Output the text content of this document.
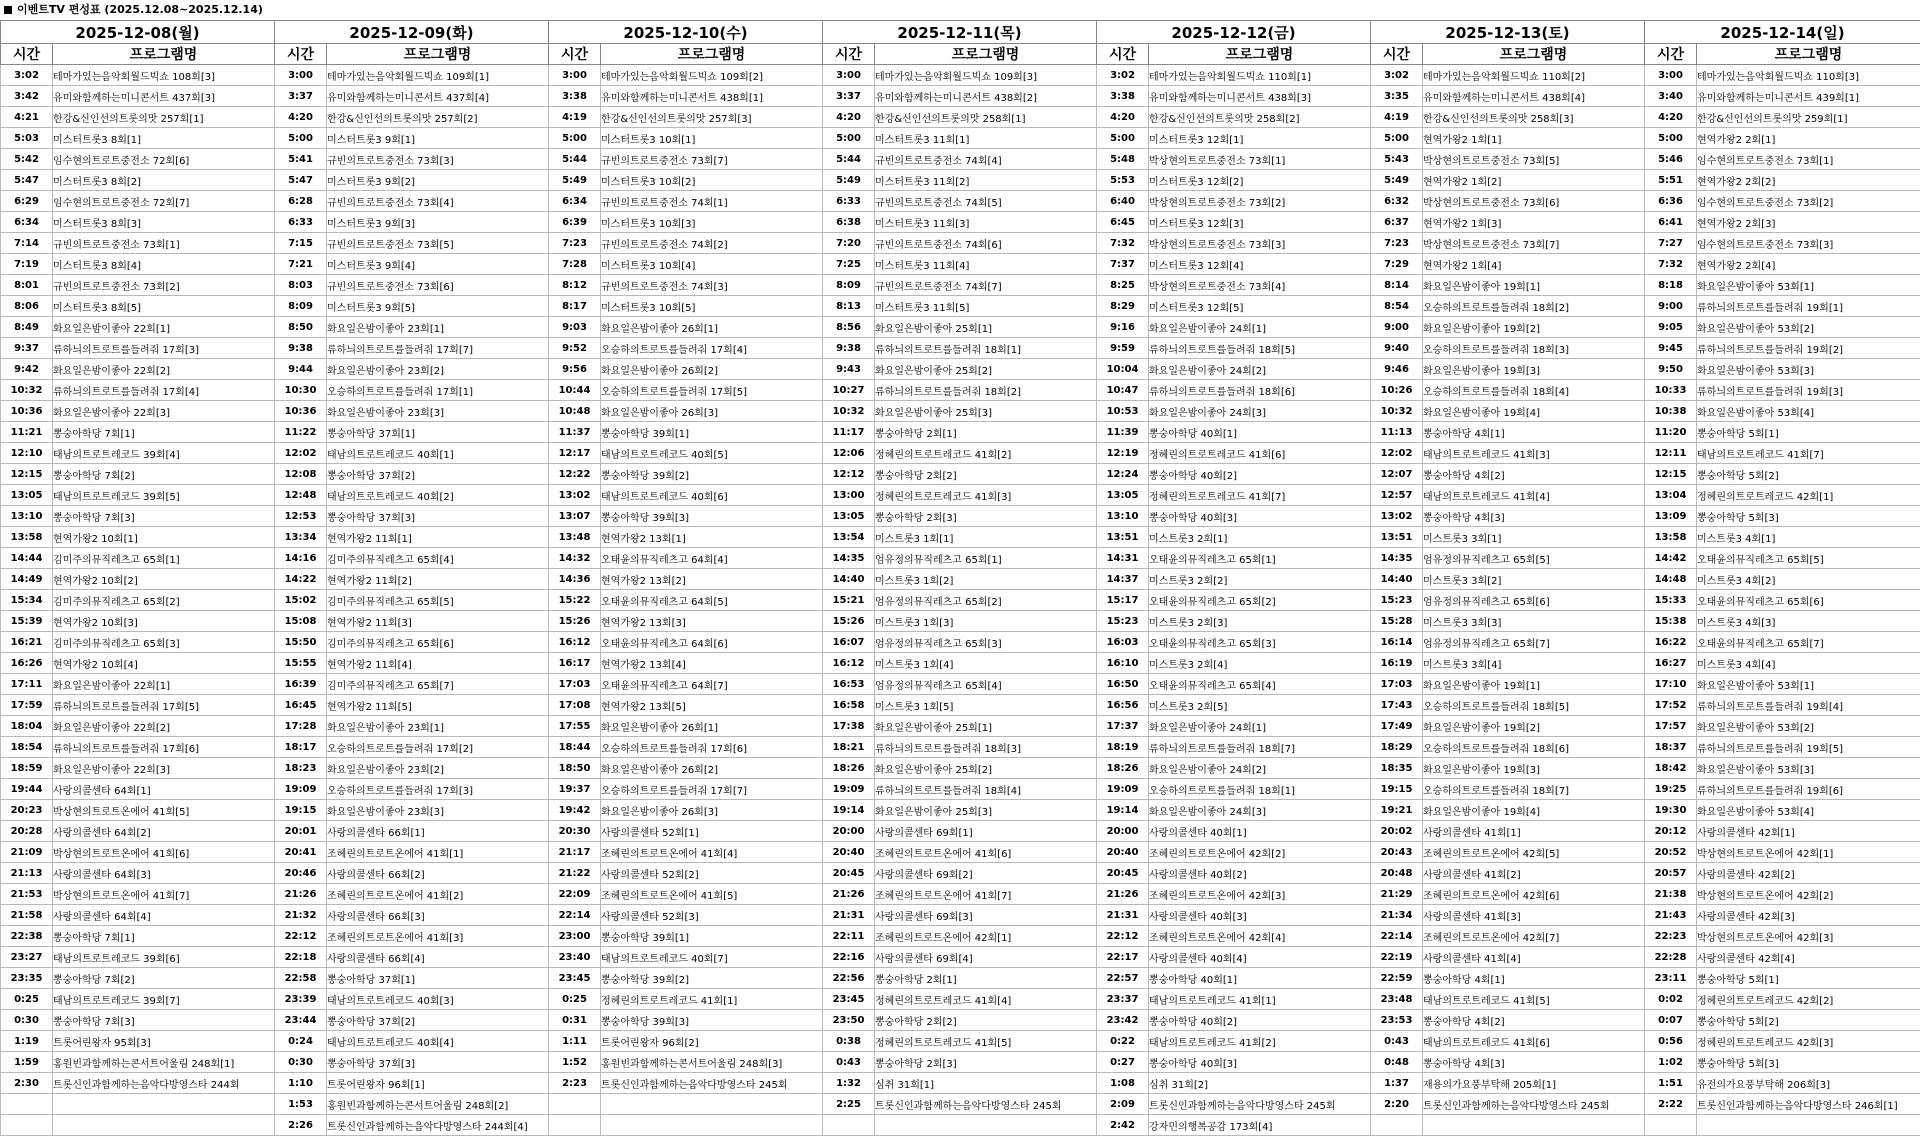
이벤트TV 편성표 (2025.12.08~2025.12.14)
2025-12-08(월)		2025-12-09(화)		2025-12-10(수)		2025-12-11(목)		2025-12-12(금)		2025-12-13(토)		2025-12-14(일)	
시간	프로그램명	시간	프로그램명	시간	프로그램명	시간	프로그램명	시간	프로그램명	시간	프로그램명	시간	프로그램명
3:02	테마가있는음악회월드빅쇼 108회[3]	3:00	테마가있는음악회월드빅쇼 109회[1]	3:00	테마가있는음악회월드빅쇼 109회[2]	3:00	테마가있는음악회월드빅쇼 109회[3]	3:02	테마가있는음악회월드빅쇼 110회[1]	3:02	테마가있는음악회월드빅쇼 110회[2]	3:00	테마가있는음악회월드빅쇼 110회[3]
3:42	유미와함께하는미니콘서트 437회[3]	3:37	유미와함께하는미니콘서트 437회[4]	3:38	유미와함께하는미니콘서트 438회[1]	3:37	유미와함께하는미니콘서트 438회[2]	3:38	유미와함께하는미니콘서트 438회[3]	3:35	유미와함께하는미니콘서트 438회[4]	3:40	유미와함께하는미니콘서트 439회[1]
4:21	한강&신인선의트롯의맛 257회[1]	4:20	한강&신인선의트롯의맛 257회[2]	4:19	한강&신인선의트롯의맛 257회[3]	4:20	한강&신인선의트롯의맛 258회[1]	4:20	한강&신인선의트롯의맛 258회[2]	4:19	한강&신인선의트롯의맛 258회[3]	4:20	한강&신인선의트롯의맛 259회[1]
5:03	미스터트롯3 8회[1]	5:00	미스터트롯3 9회[1]	5:00	미스터트롯3 10회[1]	5:00	미스터트롯3 11회[1]	5:00	미스터트롯3 12회[1]	5:00	현역가왕2 1회[1]	5:00	현역가왕2 2회[1]
5:42	임수현의트로트중전소 72회[6]	5:41	규빈의트로트중전소 73회[3]	5:44	규빈의트로트중전소 73회[7]	5:44	규빈의트로트중전소 74회[4]	5:48	박상현의트로트중전소 73회[1]	5:43	박상현의트로트중전소 73회[5]	5:46	임수현의트로트중전소 73회[1]
5:47	미스터트롯3 8회[2]	5:47	미스터트롯3 9회[2]	5:49	미스터트롯3 10회[2]	5:49	미스터트롯3 11회[2]	5:53	미스터트롯3 12회[2]	5:49	현역가왕2 1회[2]	5:51	현역가왕2 2회[2]
6:29	임수현의트로트중전소 72회[7]	6:28	규빈의트로트중전소 73회[4]	6:34	규빈의트로트중전소 74회[1]	6:33	규빈의트로트중전소 74회[5]	6:40	박상현의트로트중전소 73회[2]	6:32	박상현의트로트중전소 73회[6]	6:36	임수현의트로트중전소 73회[2]
6:34	미스터트롯3 8회[3]	6:33	미스터트롯3 9회[3]	6:39	미스터트롯3 10회[3]	6:38	미스터트롯3 11회[3]	6:45	미스터트롯3 12회[3]	6:37	현역가왕2 1회[3]	6:41	현역가왕2 2회[3]
7:14	규빈의트로트중전소 73회[1]	7:15	규빈의트로트중전소 73회[5]	7:23	규빈의트로트중전소 74회[2]	7:20	규빈의트로트중전소 74회[6]	7:32	박상현의트로트중전소 73회[3]	7:23	박상현의트로트중전소 73회[7]	7:27	임수현의트로트중전소 73회[3]
7:19	미스터트롯3 8회[4]	7:21	미스터트롯3 9회[4]	7:28	미스터트롯3 10회[4]	7:25	미스터트롯3 11회[4]	7:37	미스터트롯3 12회[4]	7:29	현역가왕2 1회[4]	7:32	현역가왕2 2회[4]
8:01	규빈의트로트중전소 73회[2]	8:03	규빈의트로트중전소 73회[6]	8:12	규빈의트로트중전소 74회[3]	8:09	규빈의트로트중전소 74회[7]	8:25	박상현의트로트중전소 73회[4]	8:14	화요일은밤이좋아 19회[1]	8:18	화요일은밤이좋아 53회[1]
8:06	미스터트롯3 8회[5]	8:09	미스터트롯3 9회[5]	8:17	미스터트롯3 10회[5]	8:13	미스터트롯3 11회[5]	8:29	미스터트롯3 12회[5]	8:54	오승하의트로트를들려줘 18회[2]	9:00	류하늬의트로트를들려줘 19회[1]
8:49	화요일은밤이좋아 22회[1]	8:50	화요일은밤이좋아 23회[1]	9:03	화요일은밤이좋아 26회[1]	8:56	화요일은밤이좋아 25회[1]	9:16	화요일은밤이좋아 24회[1]	9:00	화요일은밤이좋아 19회[2]	9:05	화요일은밤이좋아 53회[2]
9:37	류하늬의트로트를들려줘 17회[3]	9:38	류하늬의트로트를들려줘 17회[7]	9:52	오승하의트로트를들려줘 17회[4]	9:38	류하늬의트로트를들려줘 18회[1]	9:59	류하늬의트로트를들려줘 18회[5]	9:40	오승하의트로트를들려줘 18회[3]	9:45	류하늬의트로트를들려줘 19회[2]
9:42	화요일은밤이좋아 22회[2]	9:44	화요일은밤이좋아 23회[2]	9:56	화요일은밤이좋아 26회[2]	9:43	화요일은밤이좋아 25회[2]	10:04	화요일은밤이좋아 24회[2]	9:46	화요일은밤이좋아 19회[3]	9:50	화요일은밤이좋아 53회[3]
10:32	류하늬의트로트를들려줘 17회[4]	10:30	오승하의트로트를들려줘 17회[1]	10:44	오승하의트로트를들려줘 17회[5]	10:27	류하늬의트로트를들려줘 18회[2]	10:47	류하늬의트로트를들려줘 18회[6]	10:26	오승하의트로트를들려줘 18회[4]	10:33	류하늬의트로트를들려줘 19회[3]
10:36	화요일은밤이좋아 22회[3]	10:36	화요일은밤이좋아 23회[3]	10:48	화요일은밤이좋아 26회[3]	10:32	화요일은밤이좋아 25회[3]	10:53	화요일은밤이좋아 24회[3]	10:32	화요일은밤이좋아 19회[4]	10:38	화요일은밤이좋아 53회[4]
11:21	뽕숭아학당 7회[1]	11:22	뽕숭아학당 37회[1]	11:37	뽕숭아학당 39회[1]	11:17	뽕숭아학당 2회[1]	11:39	뽕숭아학당 40회[1]	11:13	뽕숭아학당 4회[1]	11:20	뽕숭아학당 5회[1]
12:10	태남의트로트레코드 39회[4]	12:02	태남의트로트레코드 40회[1]	12:17	태남의트로트레코드 40회[5]	12:06	정혜린의트로트레코드 41회[2]	12:19	정혜린의트로트레코드 41회[6]	12:02	태남의트로트레코드 41회[3]	12:11	태남의트로트레코드 41회[7]
12:15	뽕숭아학당 7회[2]	12:08	뽕숭아학당 37회[2]	12:22	뽕숭아학당 39회[2]	12:12	뽕숭아학당 2회[2]	12:24	뽕숭아학당 40회[2]	12:07	뽕숭아학당 4회[2]	12:15	뽕숭아학당 5회[2]
13:05	태남의트로트레코드 39회[5]	12:48	태남의트로트레코드 40회[2]	13:02	태남의트로트레코드 40회[6]	13:00	정혜린의트로트레코드 41회[3]	13:05	정혜린의트로트레코드 41회[7]	12:57	태남의트로트레코드 41회[4]	13:04	정혜린의트로트레코드 42회[1]
13:10	뽕숭아학당 7회[3]	12:53	뽕숭아학당 37회[3]	13:07	뽕숭아학당 39회[3]	13:05	뽕숭아학당 2회[3]	13:10	뽕숭아학당 40회[3]	13:02	뽕숭아학당 4회[3]	13:09	뽕숭아학당 5회[3]
13:58	현역가왕2 10회[1]	13:34	현역가왕2 11회[1]	13:48	현역가왕2 13회[1]	13:54	미스트롯3 1회[1]	13:51	미스트롯3 2회[1]	13:51	미스트롯3 3회[1]	13:58	미스트롯3 4회[1]
14:44	김미주의뮤직레츠고 65회[1]	14:16	김미주의뮤직레츠고 65회[4]	14:32	오태윤의뮤직레츠고 64회[4]	14:35	엄유정의뮤직레츠고 65회[1]	14:31	오태윤의뮤직레츠고 65회[1]	14:35	엄유정의뮤직레츠고 65회[5]	14:42	오태윤의뮤직레츠고 65회[5]
14:49	현역가왕2 10회[2]	14:22	현역가왕2 11회[2]	14:36	현역가왕2 13회[2]	14:40	미스트롯3 1회[2]	14:37	미스트롯3 2회[2]	14:40	미스트롯3 3회[2]	14:48	미스트롯3 4회[2]
15:34	김미주의뮤직레츠고 65회[2]	15:02	김미주의뮤직레츠고 65회[5]	15:22	오태윤의뮤직레츠고 64회[5]	15:21	엄유정의뮤직레츠고 65회[2]	15:17	오태윤의뮤직레츠고 65회[2]	15:23	엄유정의뮤직레츠고 65회[6]	15:33	오태윤의뮤직레츠고 65회[6]
15:39	현역가왕2 10회[3]	15:08	현역가왕2 11회[3]	15:26	현역가왕2 13회[3]	15:26	미스트롯3 1회[3]	15:23	미스트롯3 2회[3]	15:28	미스트롯3 3회[3]	15:38	미스트롯3 4회[3]
16:21	김미주의뮤직레츠고 65회[3]	15:50	김미주의뮤직레츠고 65회[6]	16:12	오태윤의뮤직레츠고 64회[6]	16:07	엄유정의뮤직레츠고 65회[3]	16:03	오태윤의뮤직레츠고 65회[3]	16:14	엄유정의뮤직레츠고 65회[7]	16:22	오태윤의뮤직레츠고 65회[7]
16:26	현역가왕2 10회[4]	15:55	현역가왕2 11회[4]	16:17	현역가왕2 13회[4]	16:12	미스트롯3 1회[4]	16:10	미스트롯3 2회[4]	16:19	미스트롯3 3회[4]	16:27	미스트롯3 4회[4]
17:11	화요일은밤이좋아 22회[1]	16:39	김미주의뮤직레츠고 65회[7]	17:03	오태윤의뮤직레츠고 64회[7]	16:53	엄유정의뮤직레츠고 65회[4]	16:50	오태윤의뮤직레츠고 65회[4]	17:03	화요일은밤이좋아 19회[1]	17:10	화요일은밤이좋아 53회[1]
17:59	류하늬의트로트를들려줘 17회[5]	16:45	현역가왕2 11회[5]	17:08	현역가왕2 13회[5]	16:58	미스트롯3 1회[5]	16:56	미스트롯3 2회[5]	17:43	오승하의트로트를들려줘 18회[5]	17:52	류하늬의트로트를들려줘 19회[4]
18:04	화요일은밤이좋아 22회[2]	17:28	화요일은밤이좋아 23회[1]	17:55	화요일은밤이좋아 26회[1]	17:38	화요일은밤이좋아 25회[1]	17:37	화요일은밤이좋아 24회[1]	17:49	화요일은밤이좋아 19회[2]	17:57	화요일은밤이좋아 53회[2]
18:54	류하늬의트로트를들려줘 17회[6]	18:17	오승하의트로트를들려줘 17회[2]	18:44	오승하의트로트를들려줘 17회[6]	18:21	류하늬의트로트를들려줘 18회[3]	18:19	류하늬의트로트를들려줘 18회[7]	18:29	오승하의트로트를들려줘 18회[6]	18:37	류하늬의트로트를들려줘 19회[5]
18:59	화요일은밤이좋아 22회[3]	18:23	화요일은밤이좋아 23회[2]	18:50	화요일은밤이좋아 26회[2]	18:26	화요일은밤이좋아 25회[2]	18:26	화요일은밤이좋아 24회[2]	18:35	화요일은밤이좋아 19회[3]	18:42	화요일은밤이좋아 53회[3]
19:44	사랑의콜센타 64회[1]	19:09	오승하의트로트를들려줘 17회[3]	19:37	오승하의트로트를들려줘 17회[7]	19:09	류하늬의트로트를들려줘 18회[4]	19:09	오승하의트로트를들려줘 18회[1]	19:15	오승하의트로트를들려줘 18회[7]	19:25	류하늬의트로트를들려줘 19회[6]
20:23	박상현의트로트온에어 41회[5]	19:15	화요일은밤이좋아 23회[3]	19:42	화요일은밤이좋아 26회[3]	19:14	화요일은밤이좋아 25회[3]	19:14	화요일은밤이좋아 24회[3]	19:21	화요일은밤이좋아 19회[4]	19:30	화요일은밤이좋아 53회[4]
20:28	사랑의콜센타 64회[2]	20:01	사랑의콜센타 66회[1]	20:30	사랑의콜센타 52회[1]	20:00	사랑의콜센타 69회[1]	20:00	사랑의콜센타 40회[1]	20:02	사랑의콜센타 41회[1]	20:12	사랑의콜센타 42회[1]
21:09	박상현의트로트온에어 41회[6]	20:41	조혜린의트로트온에어 41회[1]	21:17	조혜린의트로트온에어 41회[4]	20:40	조혜린의트로트온에어 41회[6]	20:40	조혜린의트로트온에어 42회[2]	20:43	조혜린의트로트온에어 42회[5]	20:52	박상현의트로트온에어 42회[1]
21:13	사랑의콜센타 64회[3]	20:46	사랑의콜센타 66회[2]	21:22	사랑의콜센타 52회[2]	20:45	사랑의콜센타 69회[2]	20:45	사랑의콜센타 40회[2]	20:48	사랑의콜센타 41회[2]	20:57	사랑의콜센타 42회[2]
21:53	박상현의트로트온에어 41회[7]	21:26	조혜린의트로트온에어 41회[2]	22:09	조혜린의트로트온에어 41회[5]	21:26	조혜린의트로트온에어 41회[7]	21:26	조혜린의트로트온에어 42회[3]	21:29	조혜린의트로트온에어 42회[6]	21:38	박상현의트로트온에어 42회[2]
21:58	사랑의콜센타 64회[4]	21:32	사랑의콜센타 66회[3]	22:14	사랑의콜센타 52회[3]	21:31	사랑의콜센타 69회[3]	21:31	사랑의콜센타 40회[3]	21:34	사랑의콜센타 41회[3]	21:43	사랑의콜센타 42회[3]
22:38	뽕숭아학당 7회[1]	22:12	조혜린의트로트온에어 41회[3]	23:00	뽕숭아학당 39회[1]	22:11	조혜린의트로트온에어 42회[1]	22:12	조혜린의트로트온에어 42회[4]	22:14	조혜린의트로트온에어 42회[7]	22:23	박상현의트로트온에어 42회[3]
23:27	태남의트로트레코드 39회[6]	22:18	사랑의콜센타 66회[4]	23:40	태남의트로트레코드 40회[7]	22:16	사랑의콜센타 69회[4]	22:17	사랑의콜센타 40회[4]	22:19	사랑의콜센타 41회[4]	22:28	사랑의콜센타 42회[4]
23:35	뽕숭아학당 7회[2]	22:58	뽕숭아학당 37회[1]	23:45	뽕숭아학당 39회[2]	22:56	뽕숭아학당 2회[1]	22:57	뽕숭아학당 40회[1]	22:59	뽕숭아학당 4회[1]	23:11	뽕숭아학당 5회[1]
0:25	태남의트로트레코드 39회[7]	23:39	태남의트로트레코드 40회[3]	0:25	정혜린의트로트레코드 41회[1]	23:45	정혜린의트로트레코드 41회[4]	23:37	태남의트로트레코드 41회[1]	23:48	태남의트로트레코드 41회[5]	0:02	정혜린의트로트레코드 42회[2]
0:30	뽕숭아학당 7회[3]	23:44	뽕숭아학당 37회[2]	0:31	뽕숭아학당 39회[3]	23:50	뽕숭아학당 2회[2]	23:42	뽕숭아학당 40회[2]	23:53	뽕숭아학당 4회[2]	0:07	뽕숭아학당 5회[2]
1:19	트롯어린왕자 95회[3]	0:24	태남의트로트레코드 40회[4]	1:11	트롯어린왕자 96회[2]	0:38	정혜린의트로트레코드 41회[5]	0:22	태남의트로트레코드 41회[2]	0:43	태남의트로트레코드 41회[6]	0:56	정혜린의트로트레코드 42회[3]
1:59	홍원빈과함께하는콘서트어울림 248회[1]	0:30	뽕숭아학당 37회[3]	1:52	홍원빈과함께하는콘서트어울림 248회[3]	0:43	뽕숭아학당 2회[3]	0:27	뽕숭아학당 40회[3]	0:48	뽕숭아학당 4회[3]	1:02	뽕숭아학당 5회[3]
2:30	트롯신인과함께하는음악다방영스타 244회	1:10	트롯어린왕자 96회[1]	2:23	트롯신인과함께하는음악다방영스타 245회	1:32	심취 31회[1]	1:08	심취 31회[2]	1:37	재용의가요풍부탁해 205회[1]	1:51	유전의가요풍부탁해 206회[3]
		1:53	홍원빈과함께하는콘서트어울림 248회[2]			2:25	트롯신인과함께하는음악다방영스타 245회	2:09	트롯신인과함께하는음악다방영스타 245회	2:20	트롯신인과함께하는음악다방영스타 245회	2:22	트롯신인과함께하는음악다방영스타 246회[1]
		2:26	트롯신인과함께하는음악다방영스타 244회[4]					2:42	강자민의행복공감 173회[4]				
